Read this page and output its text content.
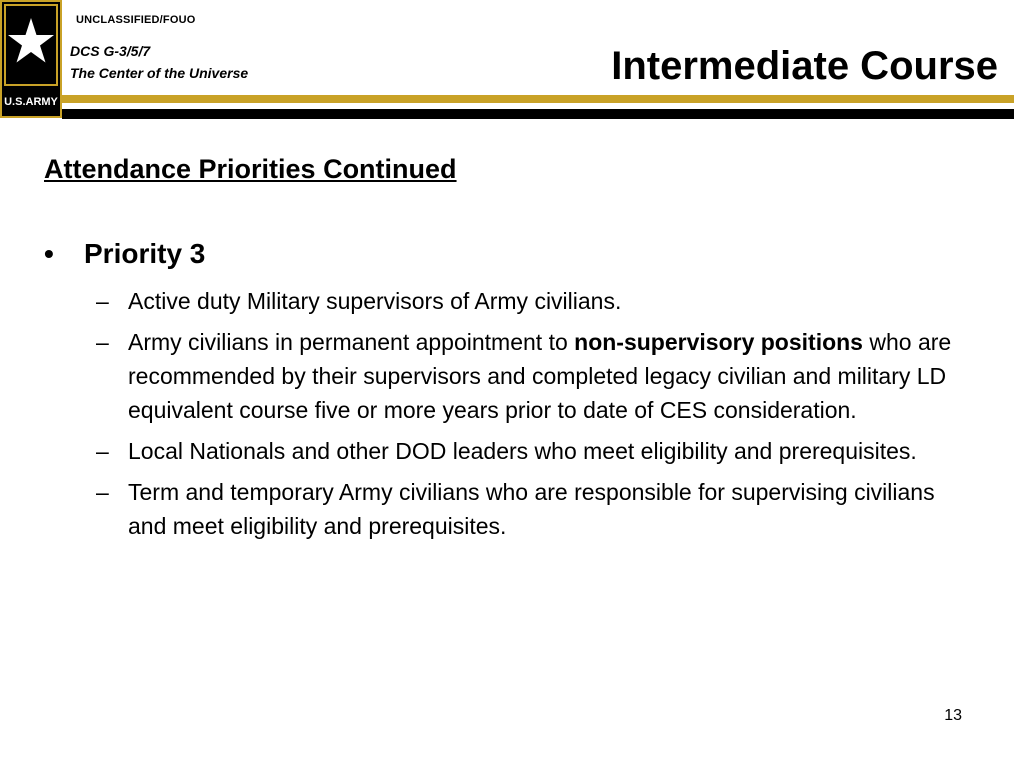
U.S.ARMY
UNCLASSIFIED/FOUO
DCS G-3/5/7
The Center of the Universe	Intermediate Course
Attendance Priorities Continued
• Priority 3
– Active duty Military supervisors of Army civilians.
– Army civilians in permanent appointment to non-supervisory positions who are recommended by their supervisors and completed legacy civilian and military LD equivalent course five or more years prior to date of CES consideration.
– Local Nationals and other DOD leaders who meet eligibility and prerequisites.
– Term and temporary Army civilians who are responsible for supervising civilians and meet eligibility and prerequisites.
13
